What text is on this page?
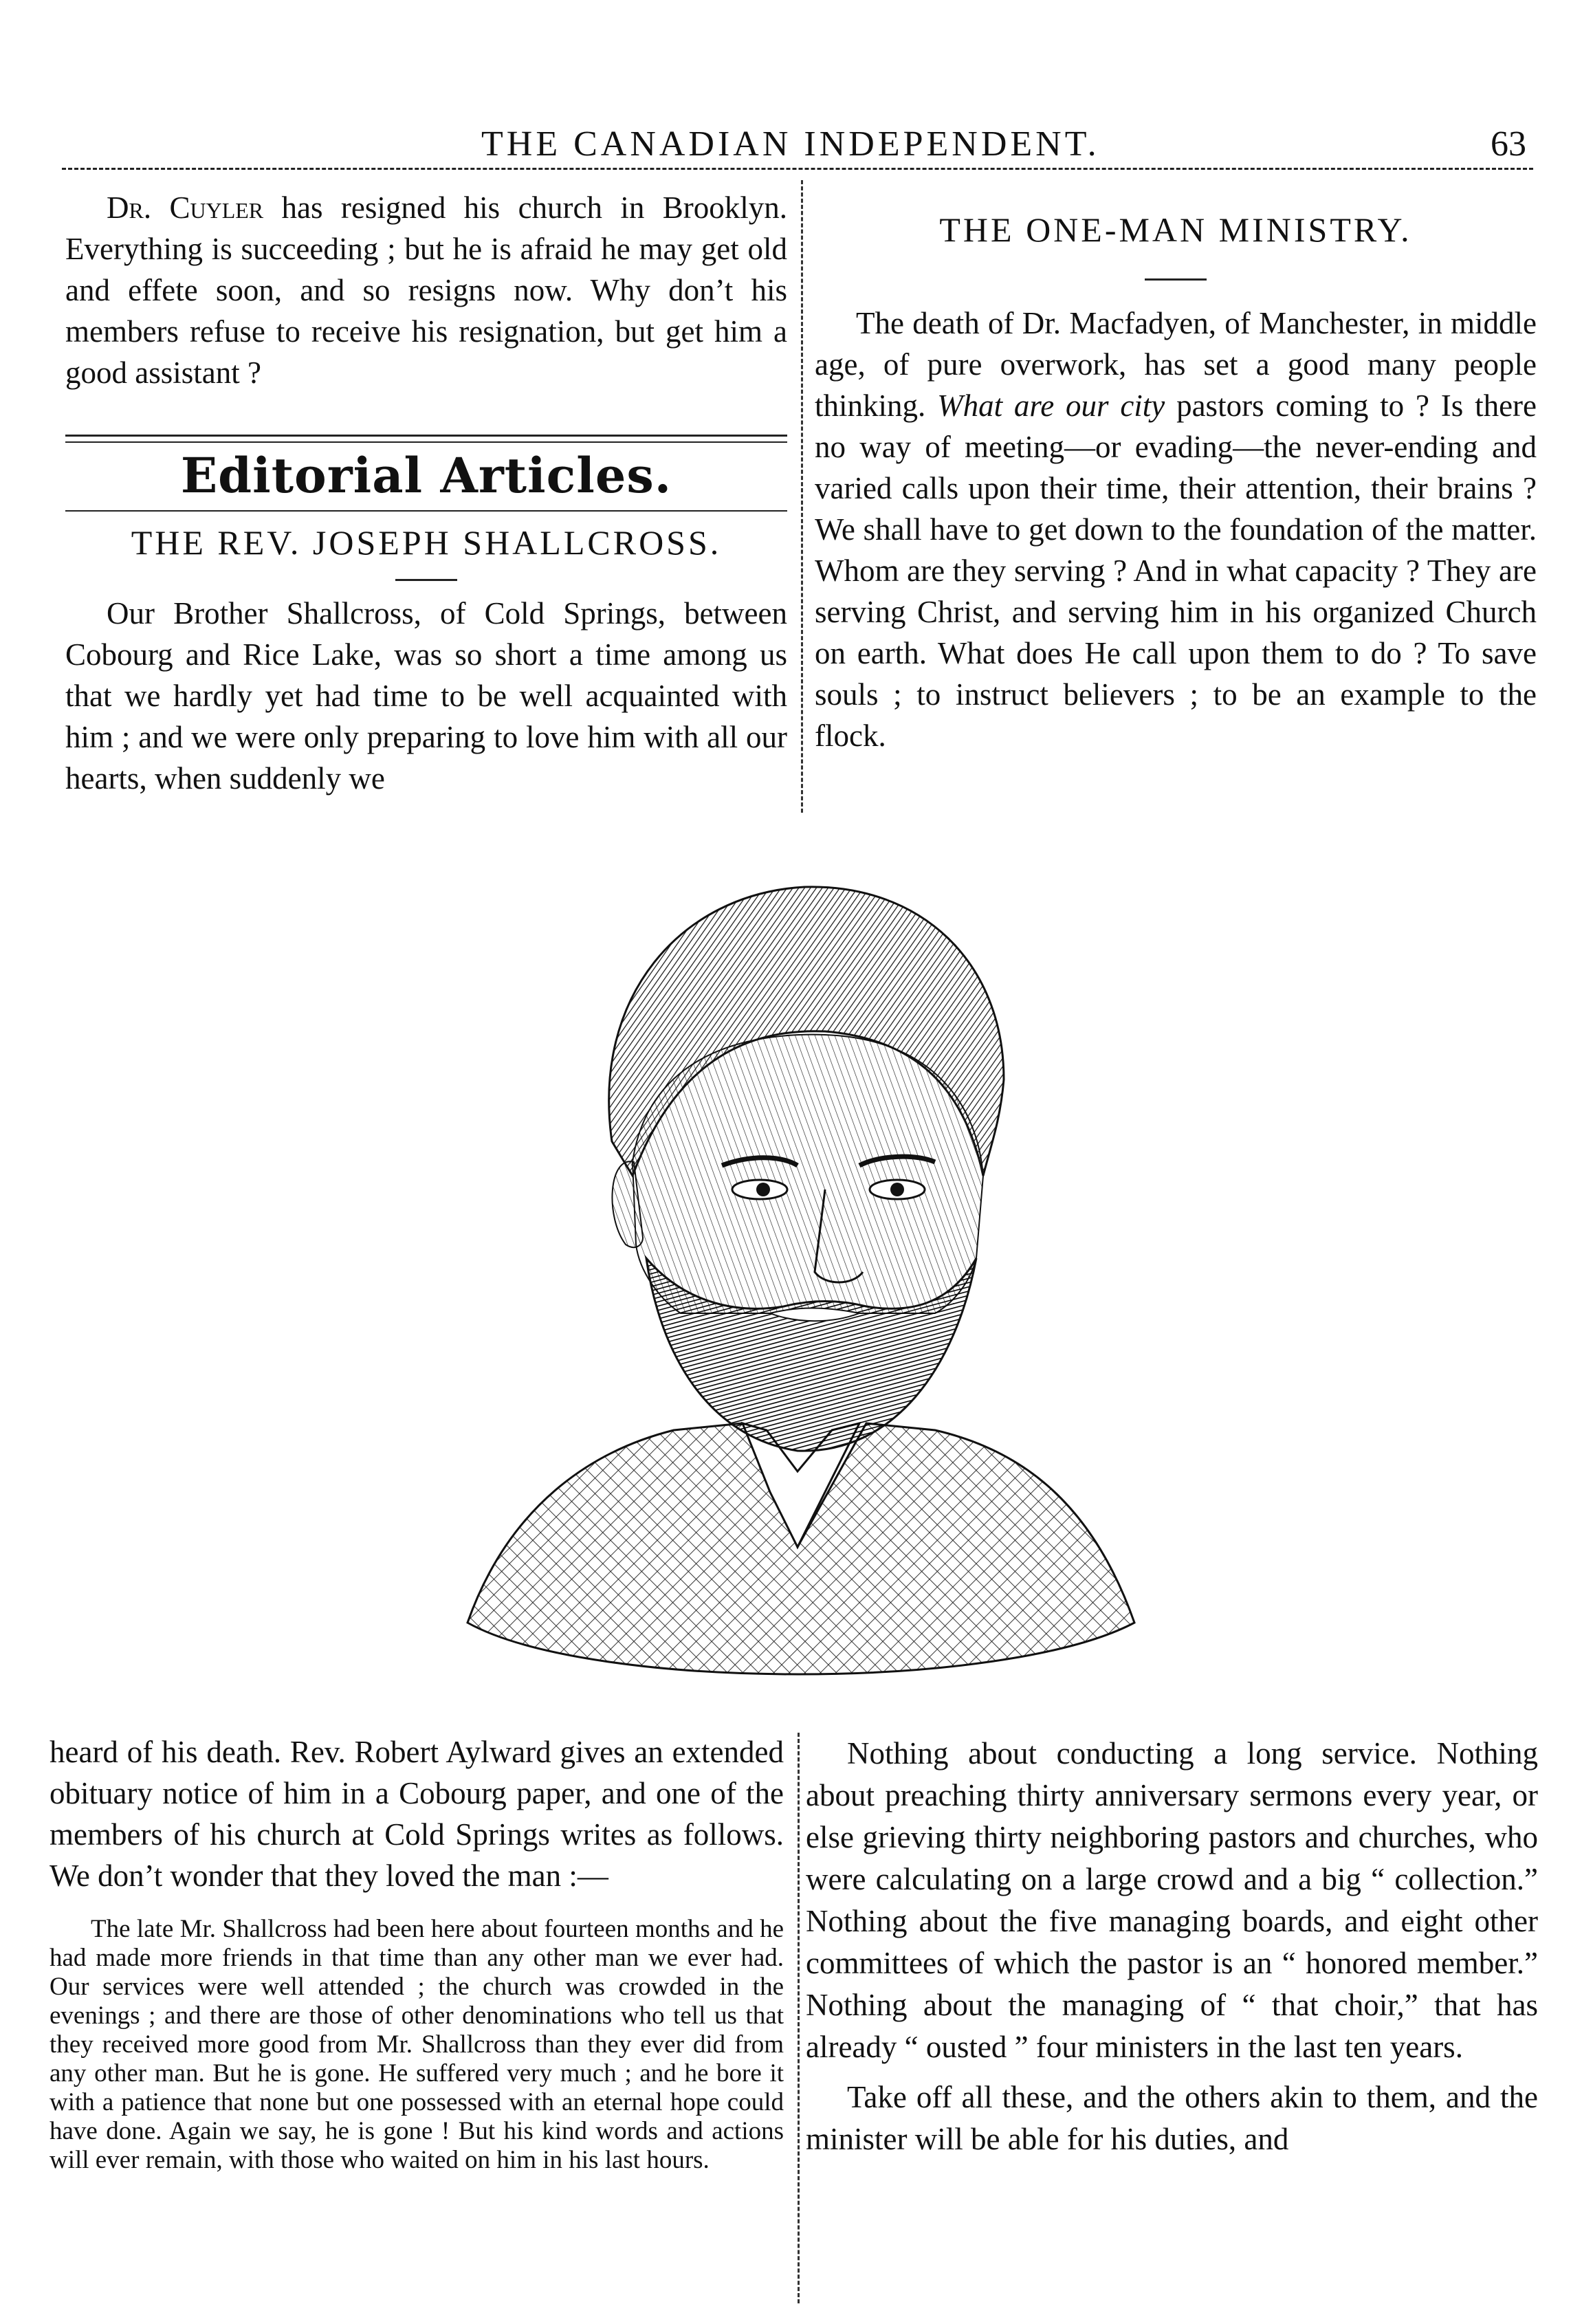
THE CANADIAN INDEPENDENT.	63

Dr. Cuyler has resigned his church in Brooklyn. Everything is succeeding ; but he is afraid he may get old and effete soon, and so resigns now. Why don’t his members refuse to receive his resignation, but get him a good assistant ?

Editorial Articles.
THE REV. JOSEPH SHALLCROSS.

Our Brother Shallcross, of Cold Springs, between Cobourg and Rice Lake, was so short a time among us that we hardly yet had time to be well acquainted with him ; and we were only preparing to love him with all our hearts, when suddenly we

THE ONE-MAN MINISTRY.

The death of Dr. Macfadyen, of Manchester, in middle age, of pure overwork, has set a good many people thinking. What are our city pastors coming to ? Is there no way of meeting—or evading—the never-ending and varied calls upon their time, their attention, their brains ? We shall have to get down to the foundation of the matter. Whom are they serving ? And in what capacity ? They are serving Christ, and serving him in his organized Church on earth. What does He call upon them to do ? To save souls ; to instruct believers ; to be an example to the flock.

heard of his death. Rev. Robert Aylward gives an extended obituary notice of him in a Cobourg paper, and one of the members of his church at Cold Springs writes as follows. We don’t wonder that they loved the man :—

The late Mr. Shallcross had been here about fourteen months and he had made more friends in that time than any other man we ever had. Our services were well attended ; the church was crowded in the evenings ; and there are those of other denominations who tell us that they received more good from Mr. Shallcross than they ever did from any other man. But he is gone. He suffered very much ; and he bore it with a patience that none but one possessed with an eternal hope could have done. Again we say, he is gone ! But his kind words and actions will ever remain, with those who waited on him in his last hours.

Nothing about conducting a long service. Nothing about preaching thirty anniversary sermons every year, or else grieving thirty neighboring pastors and churches, who were calculating on a large crowd and a big “ collection.” Nothing about the five managing boards, and eight other committees of which the pastor is an “ honored member.” Nothing about the managing of “ that choir,” that has already “ ousted ” four ministers in the last ten years.

Take off all these, and the others akin to them, and the minister will be able for his duties, and
